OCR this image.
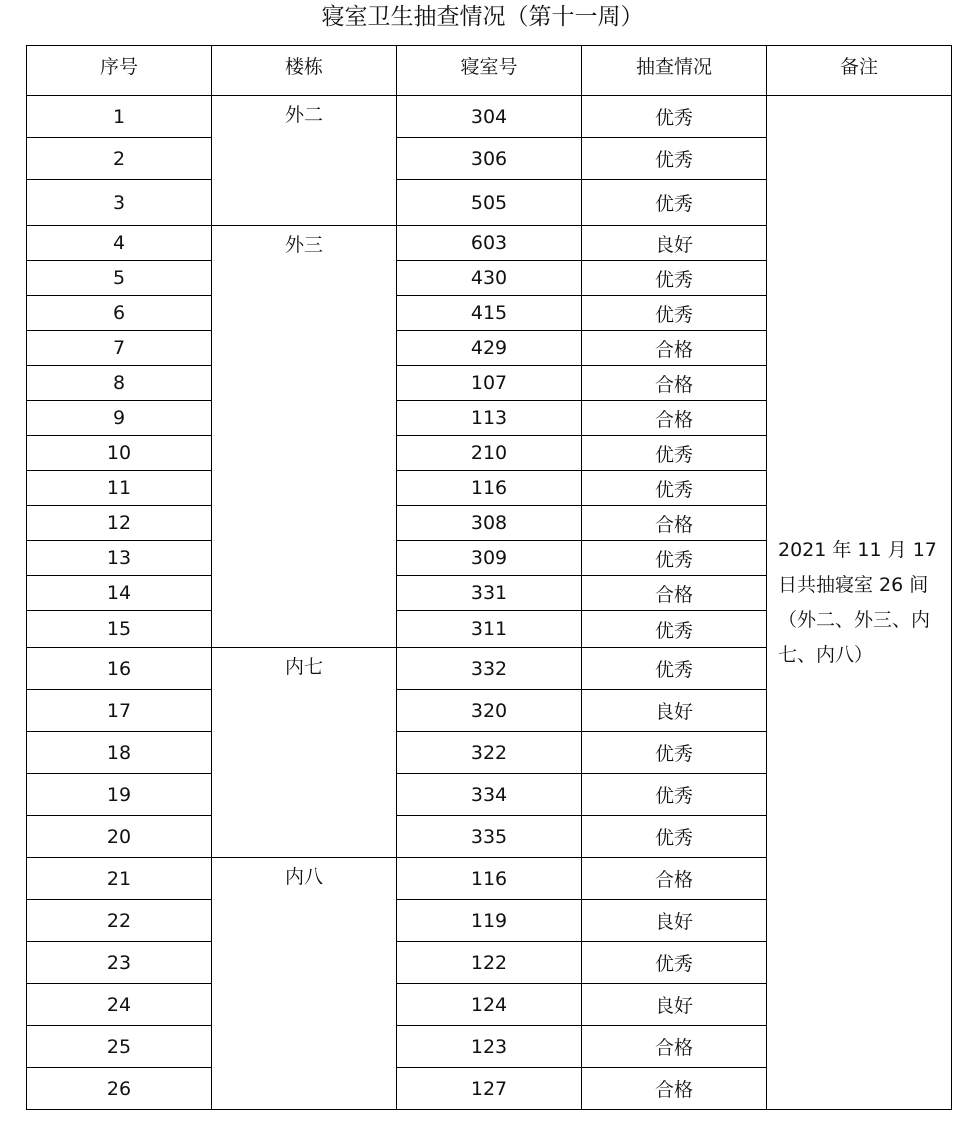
寝室卫生抽查情况（第十一周）
序号	楼栋	寝室号	抽查情况	备注
1	外二	304	优秀	2021 年 11 月 17 日共抽寝室 26 间（外二、外三、内七、内八）
2		306	优秀	
3		505	优秀	
4	外三	603	良好	
5		430	优秀	
6		415	优秀	
7		429	合格	
8		107	合格	
9		113	合格	
10		210	优秀	
11		116	优秀	
12		308	合格	
13		309	优秀	
14		331	合格	
15		311	优秀	
16	内七	332	优秀	
17		320	良好	
18		322	优秀	
19		334	优秀	
20		335	优秀	
21	内八	116	合格	
22		119	良好	
23		122	优秀	
24		124	良好	
25		123	合格	
26		127	合格	
